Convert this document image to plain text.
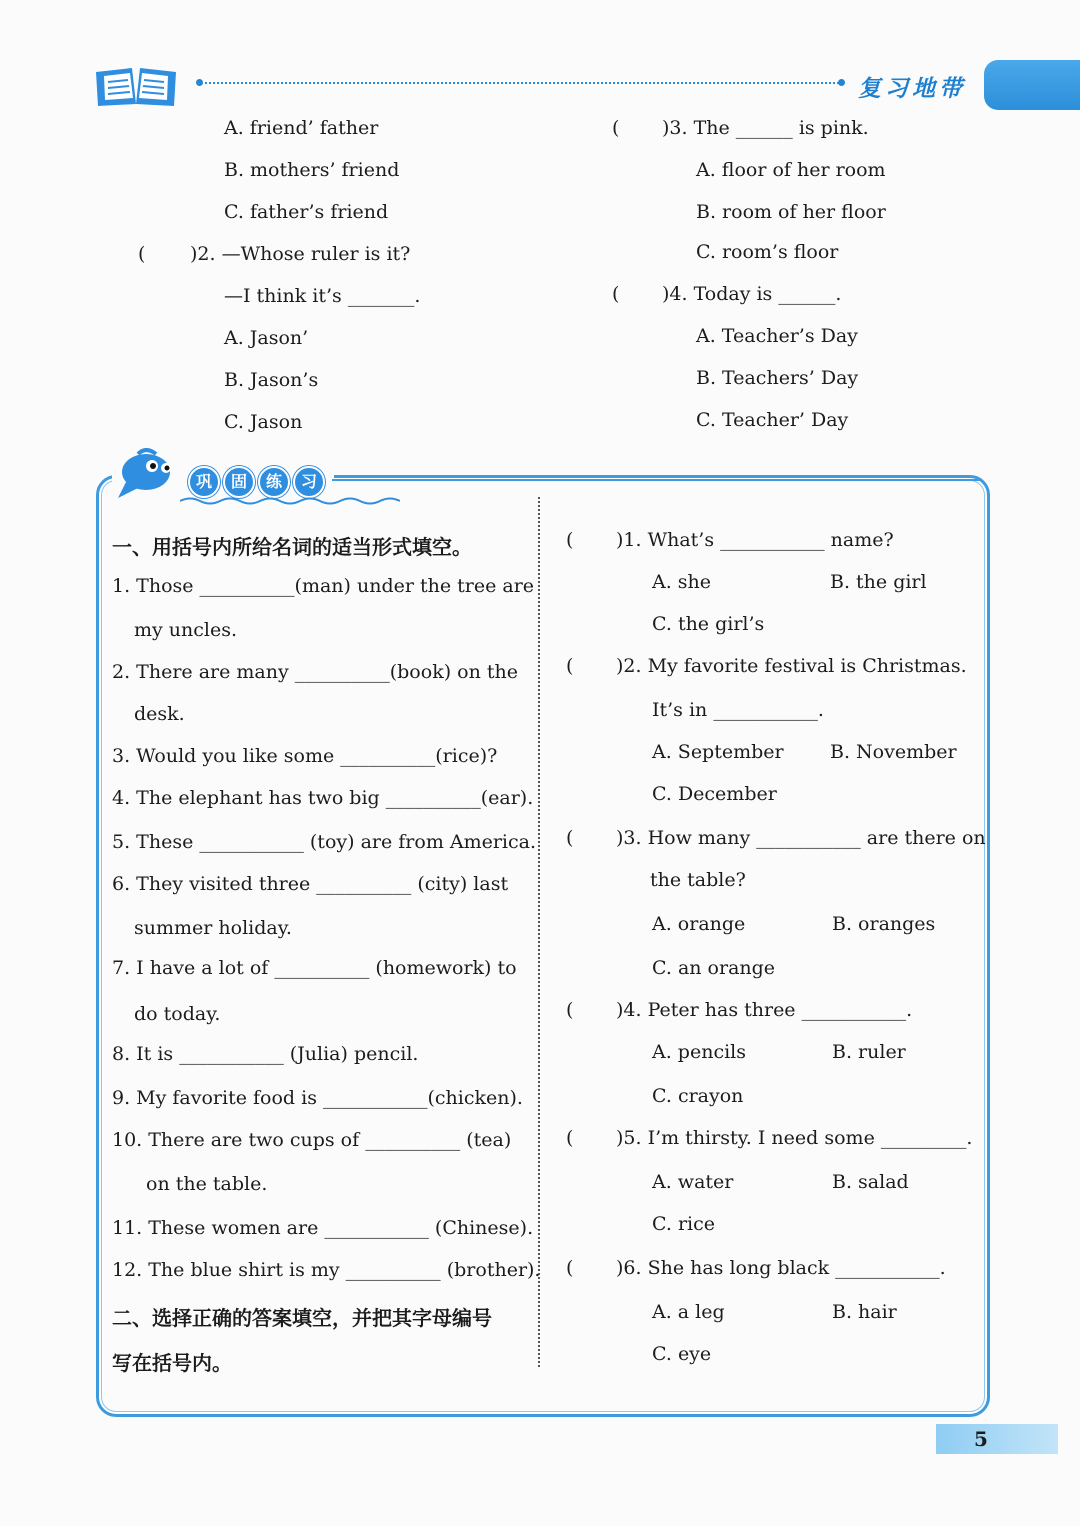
复习地带
A. friend’ father
B. mothers’ friend
C. father’s friend
( )2. —Whose ruler is it?
—I think it’s _______.
A. Jason’
B. Jason’s
C. Jason
( )3. The ______ is pink.
A. floor of her room
B. room of her floor
C. room’s floor
( )4. Today is ______.
A. Teacher’s Day
B. Teachers’ Day
C. Teacher’ Day
巩 固 练 习
一、用括号内所给名词的适当形式填空。
1. Those __________(man) under the tree are
my uncles.
2. There are many __________(book) on the
desk.
3. Would you like some __________(rice)?
4. The elephant has two big __________(ear).
5. These ___________ (toy) are from America.
6. They visited three __________ (city) last
summer holiday.
7. I have a lot of __________ (homework) to
do today.
8. It is ___________ (Julia) pencil.
9. My favorite food is ___________(chicken).
10. There are two cups of __________ (tea)
on the table.
11. These women are ___________ (Chinese).
12. The blue shirt is my __________ (brother).
二、选择正确的答案填空，并把其字母编号
写在括号内。
( )1. What’s ___________ name?
A. she	B. the girl
C. the girl’s
( )2. My favorite festival is Christmas.
It’s in ___________.
A. September B. November
C. December
( )3. How many ___________ are there on
the table?
A. orange	B. oranges
C. an orange
( )4. Peter has three ___________.
A. pencils	B. ruler
C. crayon
( )5. I’m thirsty. I need some _________.
A. water	B. salad
C. rice
( )6. She has long black ___________.
A. a leg	B. hair
C. eye
5
